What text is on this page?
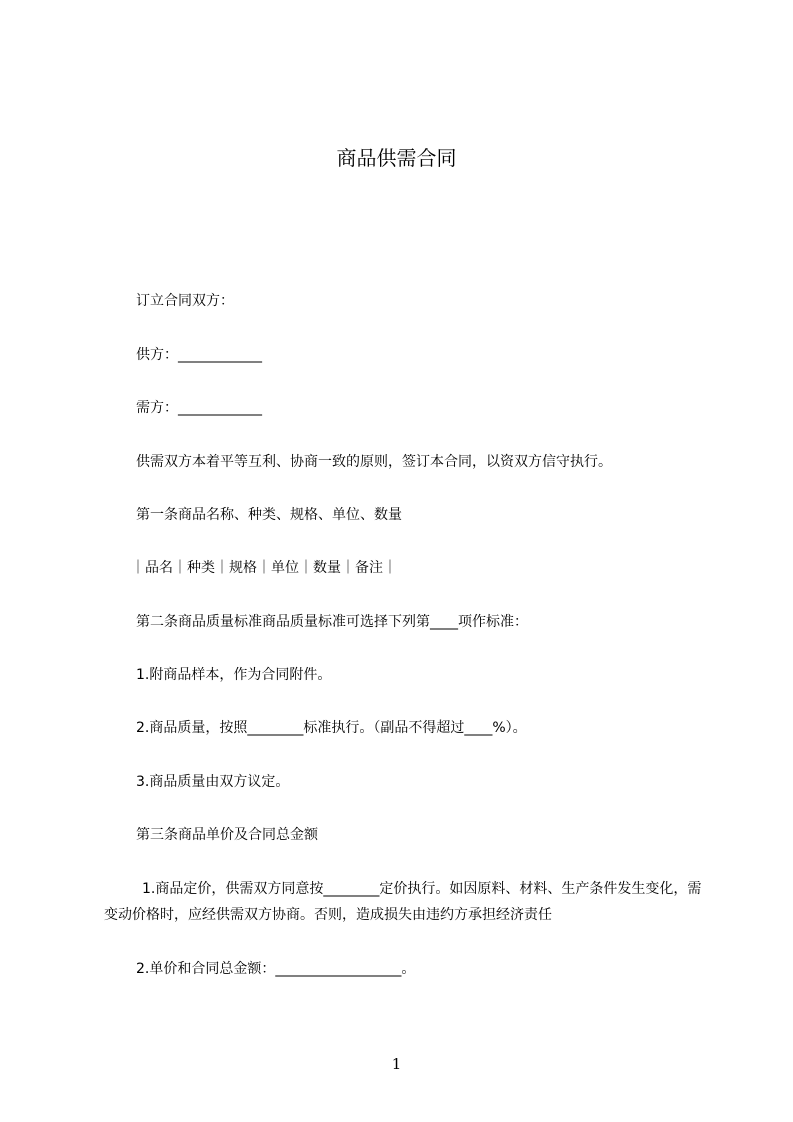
商品供需合同
订立合同双方：
供方：____________
需方：____________
供需双方本着平等互利、协商一致的原则，签订本合同，以资双方信守执行。
第一条商品名称、种类、规格、单位、数量
｜品名｜种类｜规格｜单位｜数量｜备注｜
第二条商品质量标准商品质量标准可选择下列第____项作标准：
1.附商品样本，作为合同附件。
2.商品质量，按照________标准执行。（副品不得超过____%）。
3.商品质量由双方议定。
第三条商品单价及合同总金额
1.商品定价，供需双方同意按________定价执行。如因原料、材料、生产条件发生变化，需变动价格时，应经供需双方协商。否则，造成损失由违约方承担经济责任
2.单价和合同总金额：__________________。
1
